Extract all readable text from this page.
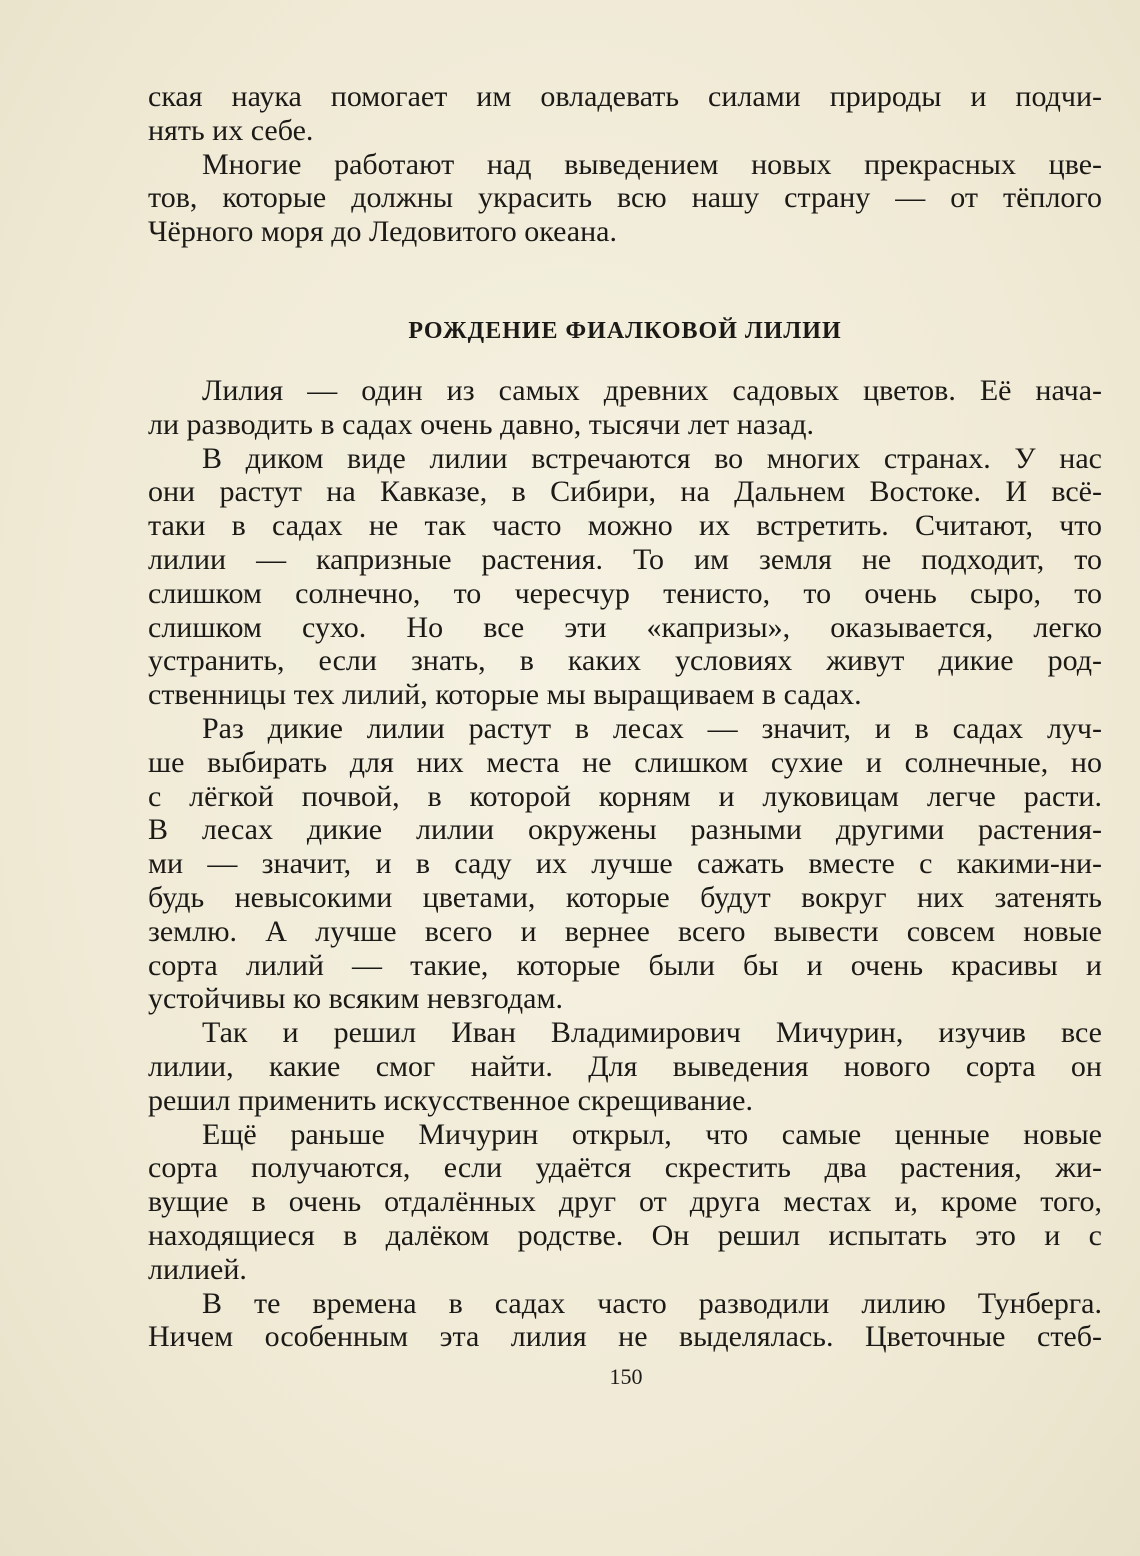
ская наука помогает им овладевать силами природы и подчи-
нять их себе.

Многие работают над выведением новых прекрасных цве-
тов, которые должны украсить всю нашу страну — от тёплого
Чёрного моря до Ледовитого океана.

РОЖДЕНИЕ ФИАЛКОВОЙ ЛИЛИИ

Лилия — один из самых древних садовых цветов. Её нача-
ли разводить в садах очень давно, тысячи лет назад.

В диком виде лилии встречаются во многих странах. У нас
они растут на Кавказе, в Сибири, на Дальнем Востоке. И всё-
таки в садах не так часто можно их встретить. Считают, что
лилии — капризные растения. То им земля не подходит, то
слишком солнечно, то чересчур тенисто, то очень сыро, то
слишком сухо. Но все эти «капризы», оказывается, легко
устранить, если знать, в каких условиях живут дикие род-
ственницы тех лилий, которые мы выращиваем в садах.

Раз дикие лилии растут в лесах — значит, и в садах луч-
ше выбирать для них места не слишком сухие и солнечные, но
с лёгкой почвой, в которой корням и луковицам легче расти.
В лесах дикие лилии окружены разными другими растения-
ми — значит, и в саду их лучше сажать вместе с какими-ни-
будь невысокими цветами, которые будут вокруг них затенять
землю. А лучше всего и вернее всего вывести совсем новые
сорта лилий — такие, которые были бы и очень красивы и
устойчивы ко всяким невзгодам.

Так и решил Иван Владимирович Мичурин, изучив все
лилии, какие смог найти. Для выведения нового сорта он
решил применить искусственное скрещивание.

Ещё раньше Мичурин открыл, что самые ценные новые
сорта получаются, если удаётся скрестить два растения, жи-
вущие в очень отдалённых друг от друга местах и, кроме того,
находящиеся в далёком родстве. Он решил испытать это и с
лилией.

В те времена в садах часто разводили лилию Тунберга.
Ничем особенным эта лилия не выделялась. Цветочные стеб-

150
